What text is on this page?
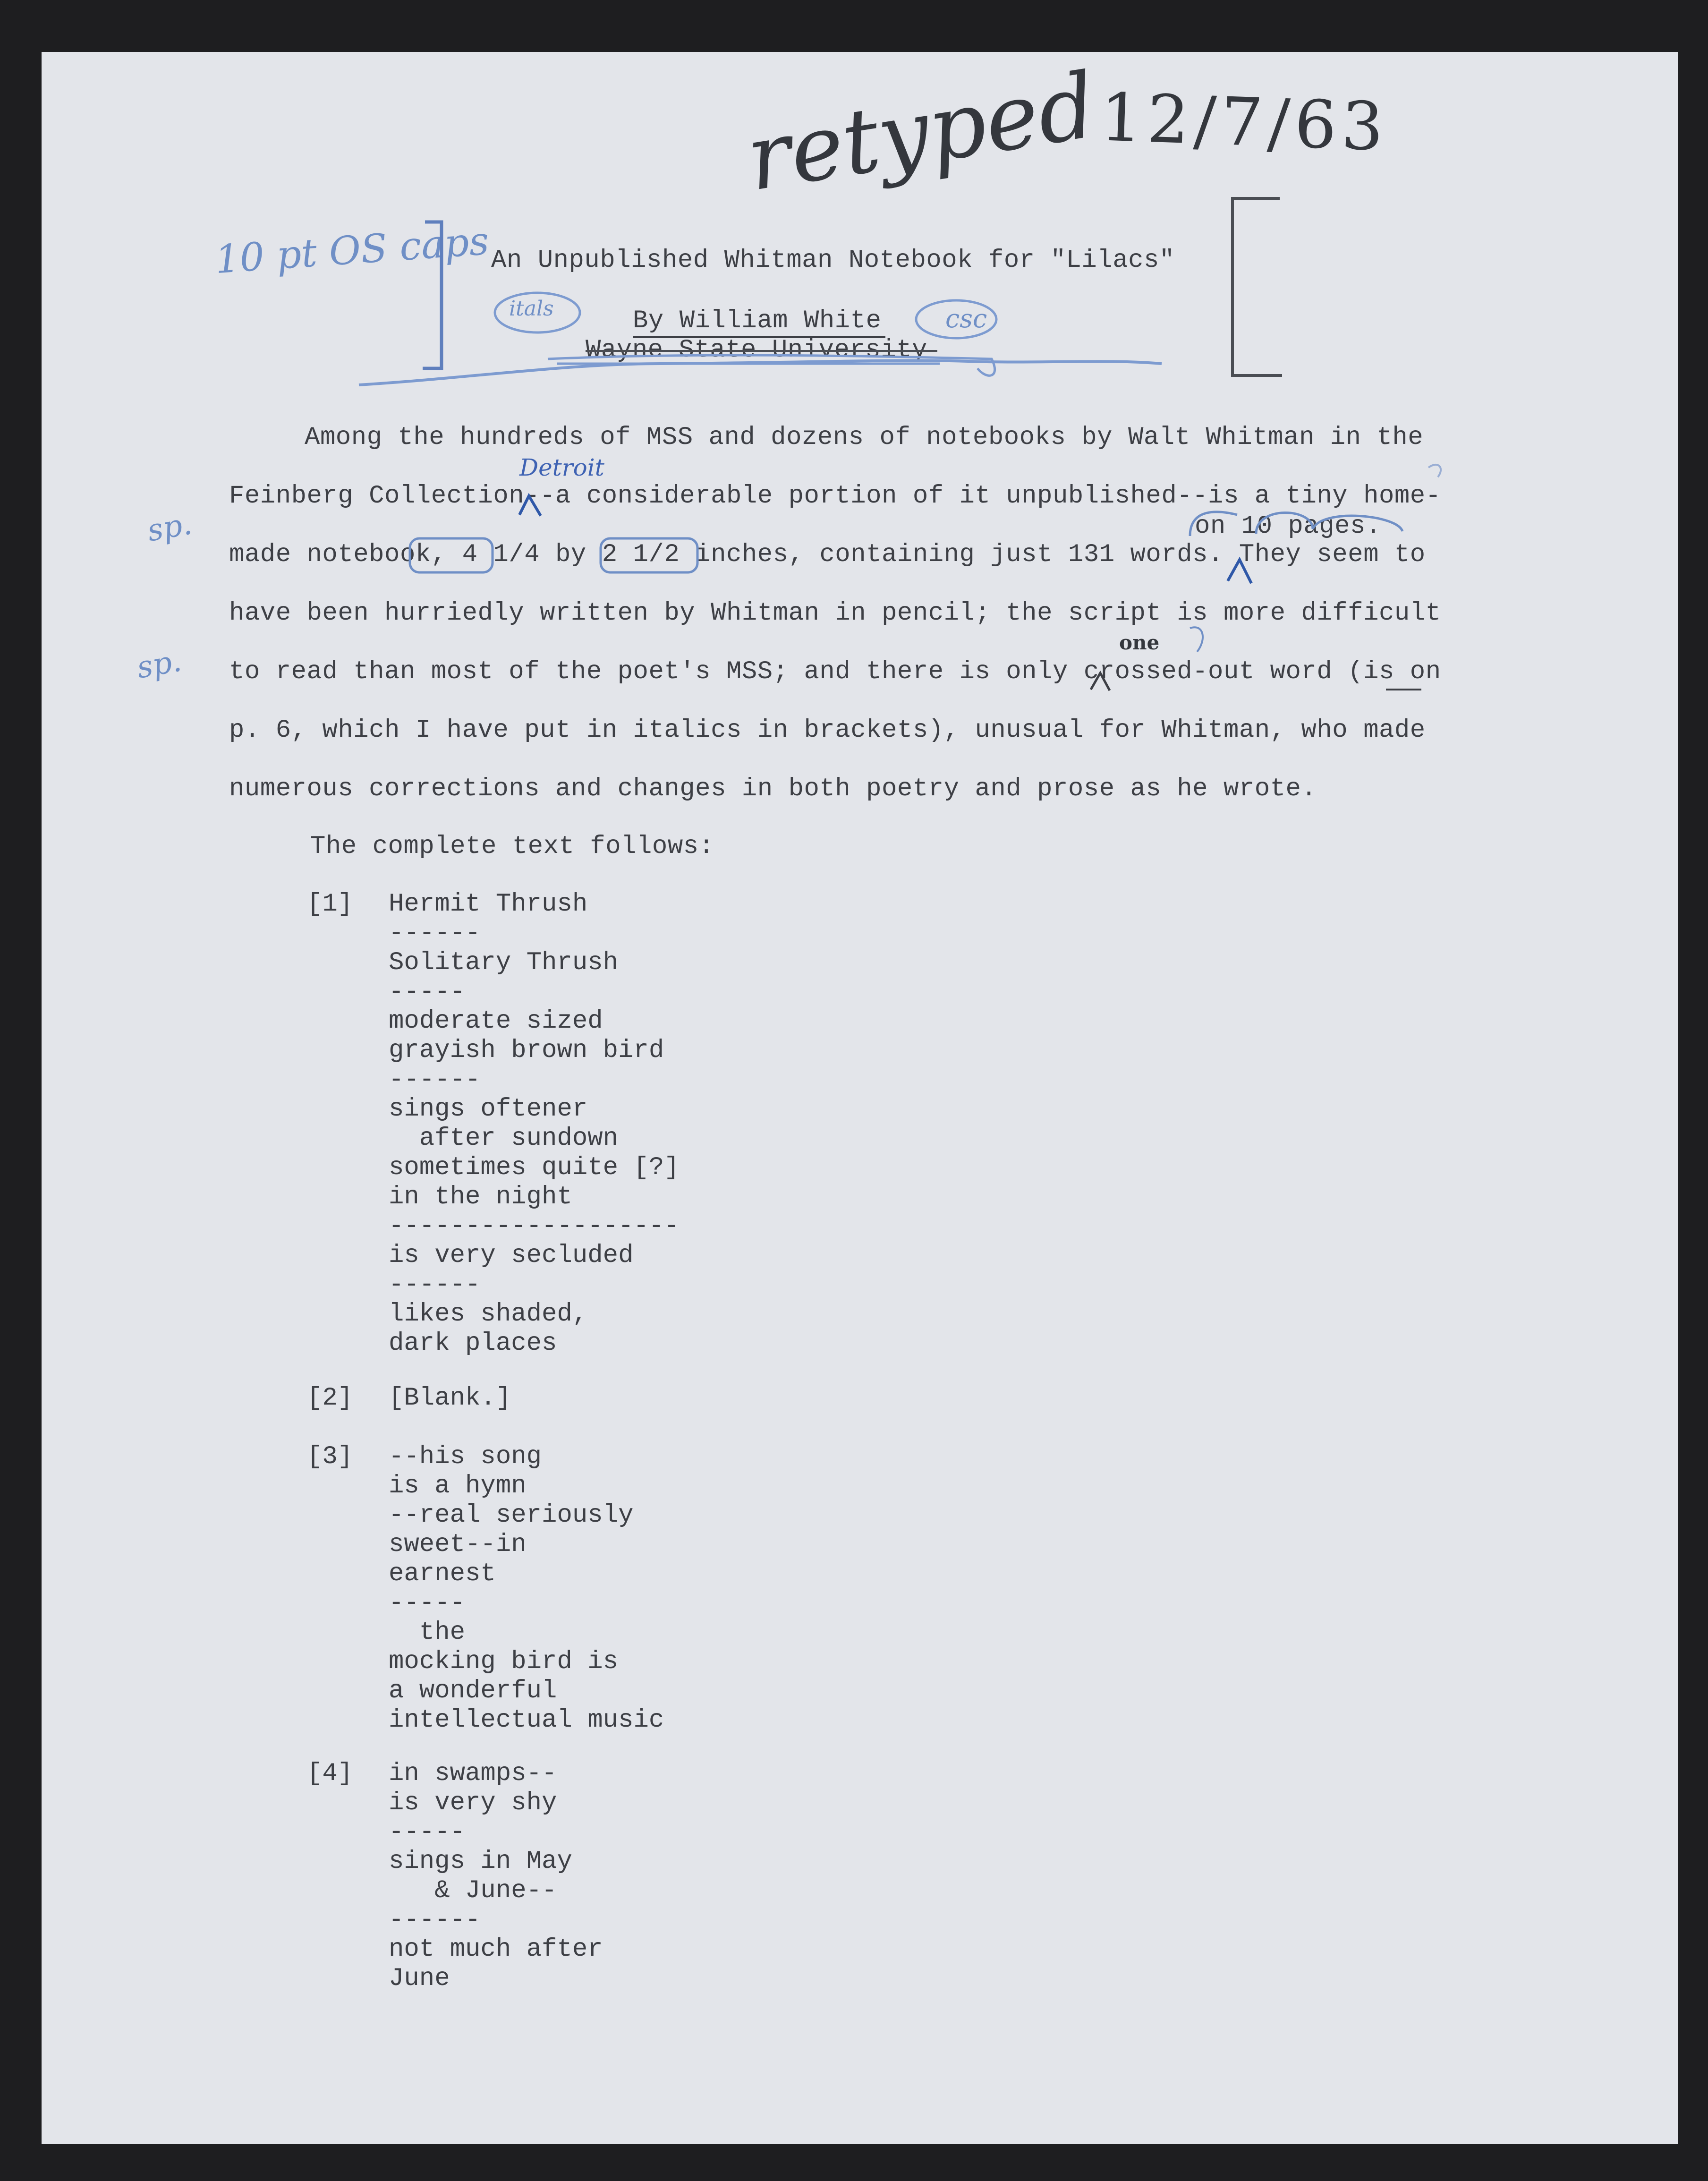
retyped
12/7/63
10 pt OS caps An Unpublished Whitman Notebook for "Lilacs"
By William White
Wayne State University
itals	csc
Among the hundreds of MSS and dozens of notebooks by Walt Whitman in the
Feinberg Collection--a considerable portion of it unpublished--is a tiny home-
made notebook, 4 1/4 by 2 1/2 inches, containing just 131 words. They seem to
have been hurriedly written by Whitman in pencil; the script is more difficult
to read than most of the poet's MSS; and there is only crossed-out word (is on
p. 6, which I have put in italics in brackets), unusual for Whitman, who made
numerous corrections and changes in both poetry and prose as he wrote.
Detroit
on 10 pages.
sp.
sp.
one
The complete text follows:
[1]
[2]
[3]
[4]
Hermit Thrush
------
Solitary Thrush
-----
moderate sized
grayish brown bird
------
sings oftener
after sundown
sometimes quite [?]
in the night
-------------------
is very secluded
------
likes shaded,
dark places
[Blank.]
--his song
is a hymn
--real seriously
sweet--in
earnest
-----
the
mocking bird is
a wonderful
intellectual music
in swamps--
is very shy
-----
sings in May
& June--
------
not much after
June
